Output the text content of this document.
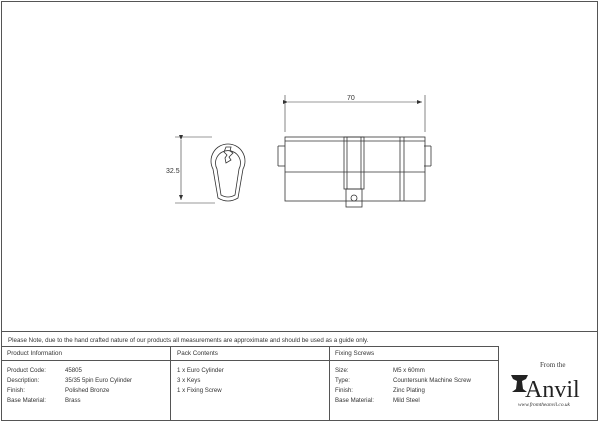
32.5
70
Please Note, due to the hand crafted nature of our products all measurements are approximate and should be used as a guide only.
Product Information
Product Code:	45805
Description:	35/35 5pin Euro Cylinder
Finish:	Polished Bronze
Base Material:	Brass
Pack Contents
1 x Euro Cylinder
3 x Keys
1 x Fixing Screw
Fixing Screws
Size:	M5 x 60mm
Type:	Countersunk Machine Screw
Finish:	Zinc Plating
Base Material:	Mild Steel
From the
Anvil
www.fromtheanvil.co.uk
